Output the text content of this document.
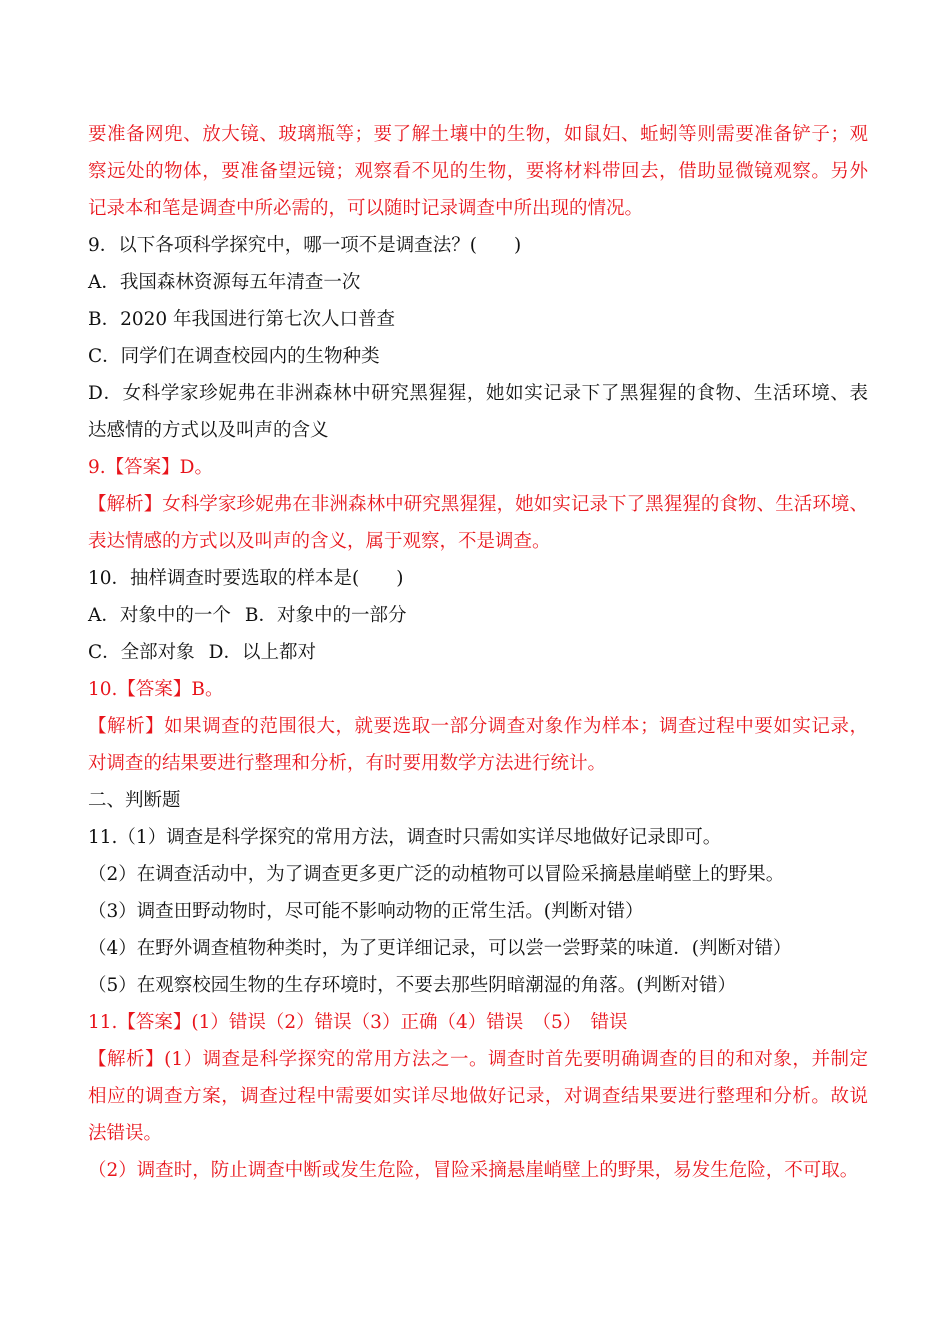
要准备网兜、放大镜、玻璃瓶等；要了解土壤中的生物，如鼠妇、蚯蚓等则需要准备铲子；观
察远处的物体，要准备望远镜；观察看不见的生物，要将材料带回去，借助显微镜观察。另外
记录本和笔是调查中所必需的，可以随时记录调查中所出现的情况。
9．以下各项科学探究中，哪一项不是调查法？(　　)
A．我国森林资源每五年清查一次
B．2020 年我国进行第七次人口普查
C．同学们在调查校园内的生物种类
D．女科学家珍妮弗在非洲森林中研究黑猩猩，她如实记录下了黑猩猩的食物、生活环境、表
达感情的方式以及叫声的含义
9.【答案】D。
【解析】女科学家珍妮弗在非洲森林中研究黑猩猩，她如实记录下了黑猩猩的食物、生活环境、
表达情感的方式以及叫声的含义，属于观察，不是调查。
10．抽样调查时要选取的样本是(　　)
A．对象中的一个 B．对象中的一部分
C．全部对象 D．以上都对
10.【答案】B。
【解析】如果调查的范围很大，就要选取一部分调查对象作为样本；调查过程中要如实记录，
对调查的结果要进行整理和分析，有时要用数学方法进行统计。
二、判断题
11.（1）调查是科学探究的常用方法，调查时只需如实详尽地做好记录即可。
（2）在调查活动中，为了调查更多更广泛的动植物可以冒险采摘悬崖峭壁上的野果。
（3）调查田野动物时，尽可能不影响动物的正常生活。(判断对错）
（4）在野外调查植物种类时，为了更详细记录，可以尝一尝野菜的味道．(判断对错）
（5）在观察校园生物的生存环境时，不要去那些阴暗潮湿的角落。(判断对错）
11.【答案】(1）错误（2）错误（3）正确（4）错误　（5）　错误
【解析】(1）调查是科学探究的常用方法之一。调查时首先要明确调查的目的和对象，并制定
相应的调查方案，调查过程中需要如实详尽地做好记录，对调查结果要进行整理和分析。故说
法错误。
（2）调查时，防止调查中断或发生危险，冒险采摘悬崖峭壁上的野果，易发生危险，不可取。
